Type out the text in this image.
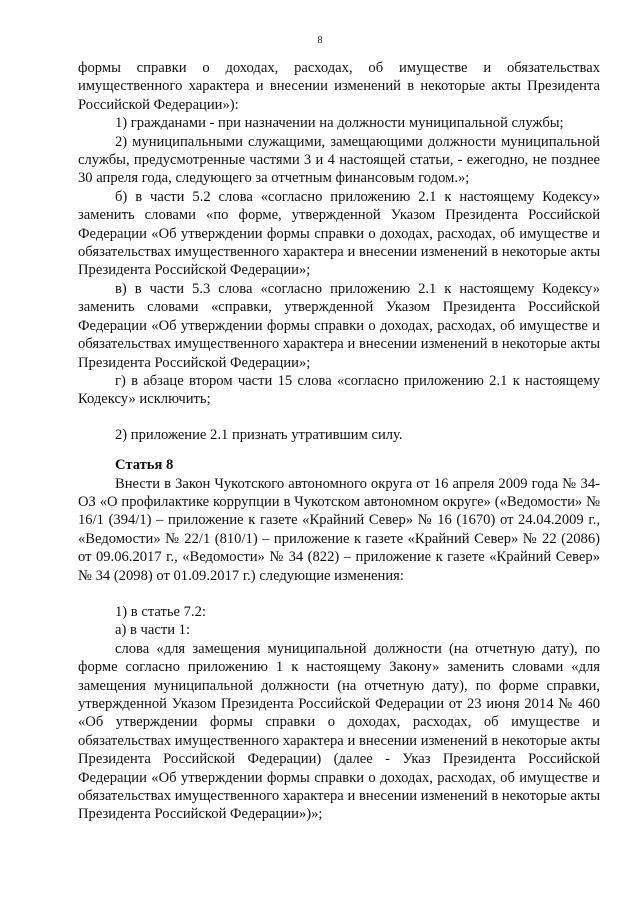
8

формы справки о доходах, расходах, об имуществе и обязательствах имущественного характера и внесении изменений в некоторые акты Президента Российской Федерации»):

1) гражданами - при назначении на должности муниципальной службы;

2) муниципальными служащими, замещающими должности муниципальной службы, предусмотренные частями 3 и 4 настоящей статьи, - ежегодно, не позднее 30 апреля года, следующего за отчетным финансовым годом.»;

б) в части 5.2 слова «согласно приложению 2.1 к настоящему Кодексу» заменить словами «по форме, утвержденной Указом Президента Российской Федерации «Об утверждении формы справки о доходах, расходах, об имуществе и обязательствах имущественного характера и внесении изменений в некоторые акты Президента Российской Федерации»;

в) в части 5.3 слова «согласно приложению 2.1 к настоящему Кодексу» заменить словами «справки, утвержденной Указом Президента Российской Федерации «Об утверждении формы справки о доходах, расходах, об имуществе и обязательствах имущественного характера и внесении изменений в некоторые акты Президента Российской Федерации»;

г) в абзаце втором части 15 слова «согласно приложению 2.1 к настоящему Кодексу» исключить;

2) приложение 2.1 признать утратившим силу.

Статья 8

Внести в Закон Чукотского автономного округа от 16 апреля 2009 года № 34-ОЗ «О профилактике коррупции в Чукотском автономном округе» («Ведомости» № 16/1 (394/1) – приложение к газете «Крайний Север» № 16 (1670) от 24.04.2009 г., «Ведомости» № 22/1 (810/1) – приложение к газете «Крайний Север» № 22 (2086) от 09.06.2017 г., «Ведомости» № 34 (822) – приложение к газете «Крайний Север» № 34 (2098) от 01.09.2017 г.) следующие изменения:

1) в статье 7.2:

а) в части 1:

слова «для замещения муниципальной должности (на отчетную дату), по форме согласно приложению 1 к настоящему Закону» заменить словами «для замещения муниципальной должности (на отчетную дату), по форме справки, утвержденной Указом Президента Российской Федерации от 23 июня 2014 № 460 «Об утверждении формы справки о доходах, расходах, об имуществе и обязательствах имущественного характера и внесении изменений в некоторые акты Президента Российской Федерации) (далее - Указ Президента Российской Федерации «Об утверждении формы справки о доходах, расходах, об имуществе и обязательствах имущественного характера и внесении изменений в некоторые акты Президента Российской Федерации»)»;
